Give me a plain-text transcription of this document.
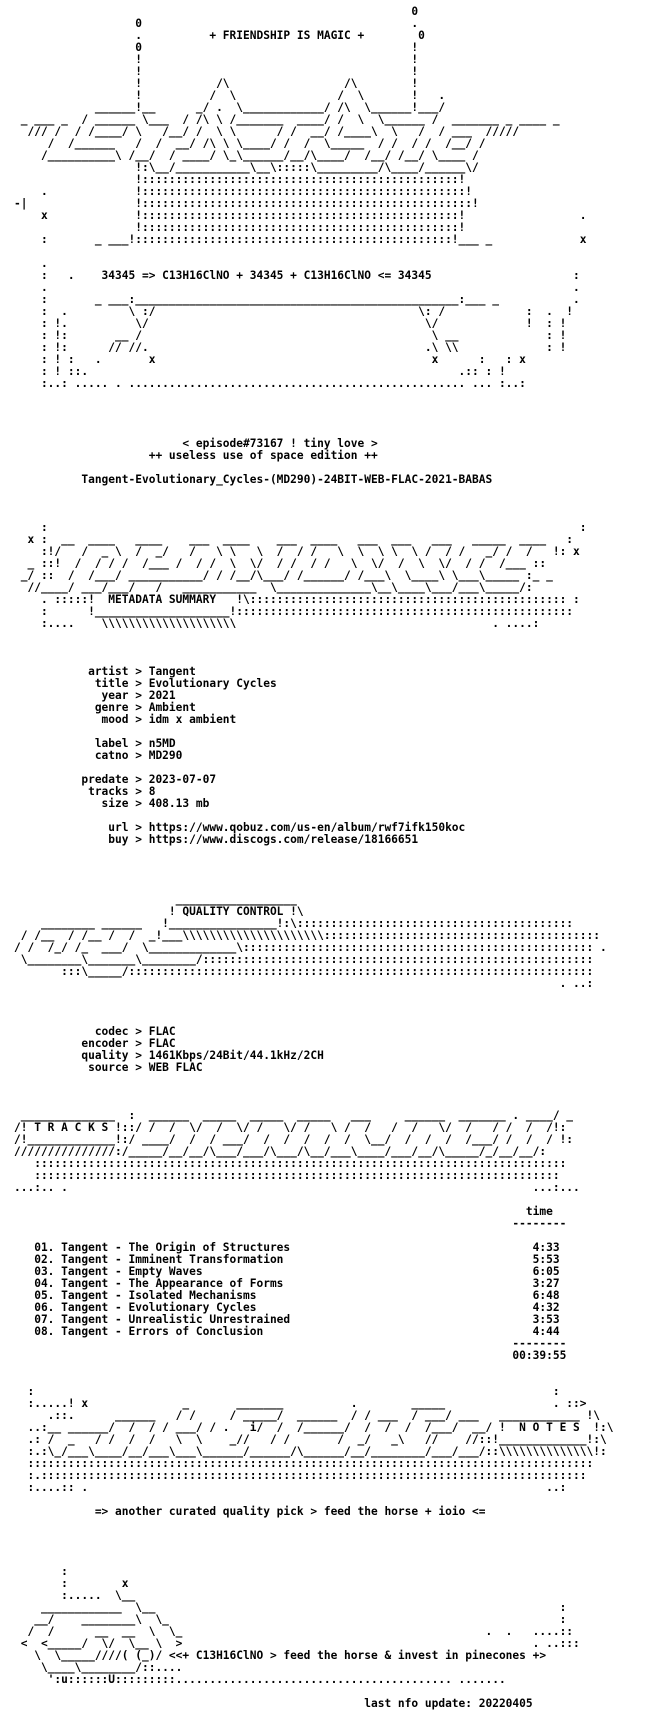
0
0                                        .
.          + FRIENDSHIP IS MAGIC +        0
0                                        !
!                                        !
!                                        !
!           /\                 /\        !
!          /  \               /  \       !   .
______!__      _/ .  \____________/ /\  \______!___/
_ ___ _  / ______ \___  / /\ \ /_______  ____/ /  \  \______ /  _______ _ ____ _
/// /  / /____/ \   /__/ /  \ \      / /  __/ /____\  \   /  / ___  /////
/  /______   /  /  __/ /\ \ \____/ /  /  \_____  / /  / /  /__/ /
/__________\ /__/  / ____/ \_\______/__/\____/  /__/ /__/ \____ /
!:\__/___________\__\:::::\_________/\____/______\/
!:::::::::::::::::::::::::::::::::::::::::::::::!
.             !::::::::::::::::::::::::::::::::::::::::::::::::!
-|                !:::::::::::::::::::::::::::::::::::::::::::::::::!
x             !:::::::::::::::::::::::::::::::::::::::::::::::!                 .
!:::::::::::::::::::::::::::::::::::::::::::::::!
:       _ ___!:::::::::::::::::::::::::::::::::::::::::::::::!___ _             x
.
:   .    34345 => C13H16ClNO + 34345 + C13H16ClNO <= 34345                     :
.                                                                              .
:       _ ___:________________________________________________:___ _           .
:  .         \ :/                                       \: /            :  .  !
: !.          \/                                         \/             !  : !
: !:       __ /                                           \ __             : !
: !:      // //.                                         .\ \\             : !
: ! :   .       x                                         x      :   : x
: ! ::.                                                       .:: : !
:..: ..... . .................................................. ... :..:
< episode#73167 ! tiny love >
++ useless use of space edition ++
Tangent-Evolutionary_Cycles-(MD290)-24BIT-WEB-FLAC-2021-BABAS
:                                                                               :
x :  __  ____   ____    ___  ____    ___  ____   ___  ___   ___   _____  ____   :
:!/   /  _ \  /  _/   /   \ \   \  /  / /   \  \  \ \  \ /  / /   _/ /  /   !: x
_ ::!  /  / / /  /___ /  / /  \  \/  / /  / /   \  \/  /  \  \/  / /  /___ ::
_/ ::  /  /___/ ___________/ / /__/\___/ /______/ /___\  \____\ \___\_____ :_ _
//____/ ___/___/   /   ___________  \______________\__\____\___/___\_____/:
. :::::!  METADATA SUMMARY   !\::::::::::::::::::::::::::::::::::::::::::::::: :
:      !____________________!::::::::::::::::::::::::::::::::::::::::::::::::::
:....    \\\\\\\\\\\\\\\\\\\\                                      . ....:
artist > Tangent
title > Evolutionary Cycles
year > 2021
genre > Ambient
mood > idm x ambient
label > n5MD
catno > MD290
predate > 2023-07-07
tracks > 8
size > 408.13 mb
url > https://www.qobuz.com/us-en/album/rwf7ifk150koc
buy > https://www.discogs.com/release/18166651
__________________
! QUALITY CONTROL !\
________ ______   !________________!:\:::::::::::::::::::::::::::::::::::::::::
/ /__  / /__ /  /  _!___\\\\\\\\\\\\\\\\\\\\\:::::::::::::::::::::::::::::::::::::::::
/ /  /_/ /_  ___/  \_____________\:::::::::::::::::::::::::::::::::::::::::::::::::::: .
\________\_______\________/::::::::::::::::::::::::::::::::::::::::::::::::::::::::::
:::\_____/:::::::::::::::::::::::::::::::::::::::::::::::::::::::::::::::::::::
. ..:
codec > FLAC
encoder > FLAC
quality > 1461Kbps/24Bit/44.1kHz/2CH
source > WEB FLAC
______________  :  ______  _____  _____  _____   ___     ______  _______ . ____/ _
/! T R A C K S !::/ /  /  \/  /  \/ /   \/ /   \ /  /   /  /   \/  /   / /  /  /!:
/!_____________!:/ ____/  /  / ___/  /  /  /  /  /  \__/  /  /  /  /___/ /  /  / !:
///////////////:/_____/__/__/\___/___/\___/\__/___\____/___/__/\_____/_/__/__/:
:::::::::::::::::::::::::::::::::::::::::::::::::::::::::::::::::::::::::::::::
::::::::::::::::::::::::::::::::::::::::::::::::::::::::::::::::::::::::::::::
...:.. .                                                                     ...:...
time
--------
01. Tangent - The Origin of Structures                                    4:33
02. Tangent - Imminent Transformation                                     5:53
03. Tangent - Empty Waves                                                 6:05
04. Tangent - The Appearance of Forms                                     3:27
05. Tangent - Isolated Mechanisms                                         6:48
06. Tangent - Evolutionary Cycles                                         4:32
07. Tangent - Unrealistic Unrestrained                                    3:53
08. Tangent - Errors of Conclusion                                        4:44
--------
00:39:55
:                                                                             :
:.....! x              _       _______          .        _____                . ::>
.::.      ______   / /     / _____/  ______  / / ___  / ___/ ___   ____________ !\
..:__ ______/  /  / / ___/ / .   i/  /  /______/  /  /  /  /___/  __/ !  N O T E S  !:\
.: /  _   / /  /  /   \  \    _//   / /       /  _/   _\   //    //::!_____________!:\
:.:\_/___\____/__/___\___\______/______/\______/__/________/___/___/::\\\\\\\\\\\\\\!:
::::::::::::::::::::::::::::::::::::::::::::::::::::::::::::::::::::::::::::::::::::
:.:::::::::::::::::::::::::::::::::::::::::::::::::::::::::::::::::::::::::::::::::
:....:: .                                                                    ..:
=> another curated quality pick > feed the horse + ioio <=
:
:        x
:.....  \__
____________  \__                                                            :
__/    ________\  \_                                                          :
/  /      __  __  \  \_                                             .  .   ....::
<  <_____/  \/  \__ \  >                                                    . ..:::
\  \_____////( (_)/ <<+ C13H16ClNO > feed the horse & invest in pinecones +>
\____\________/::....
':u::::::U:::::::::......................................... .......
last nfo update: 20220405
